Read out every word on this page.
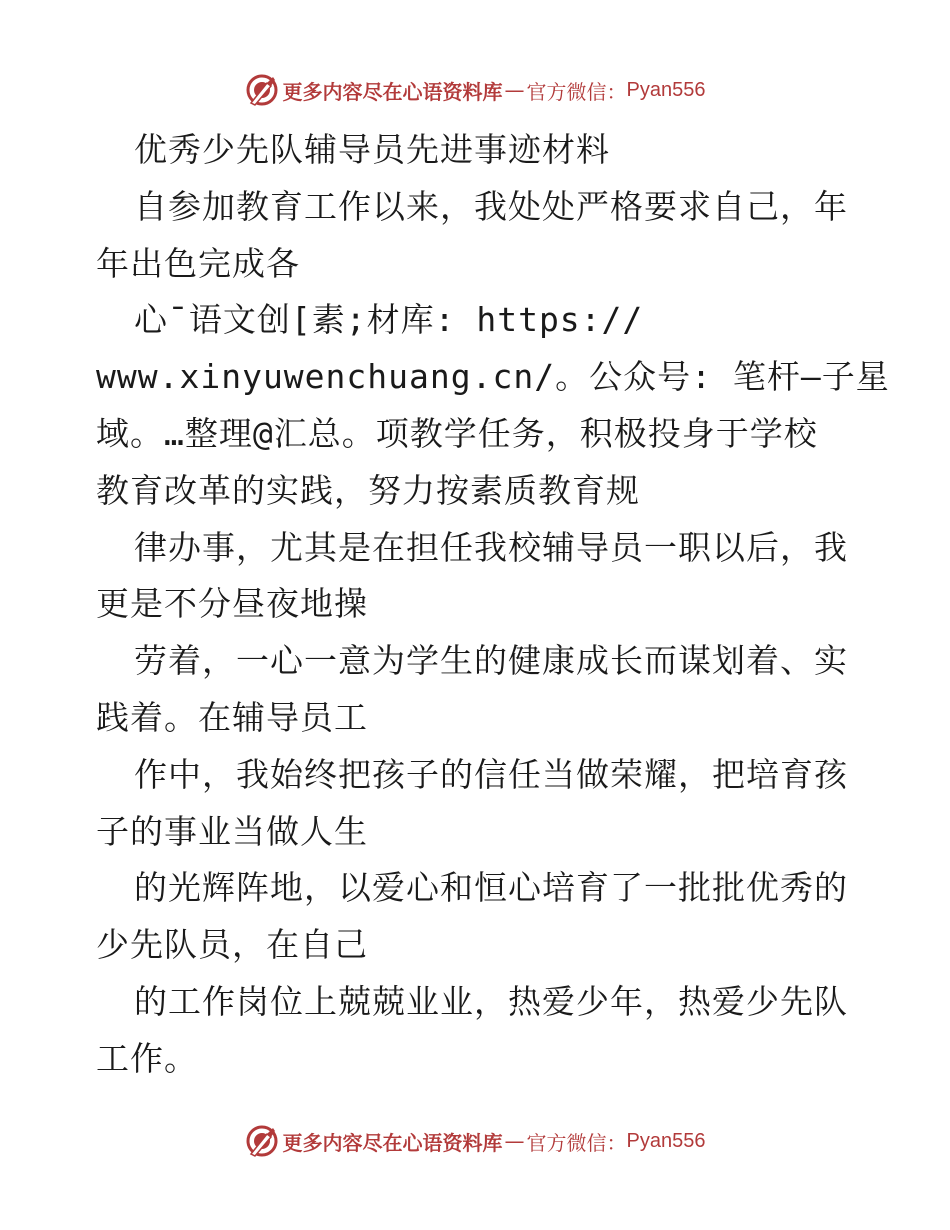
更多内容尽在心语资料库 — 官方微信： Pyan556
优秀少先队辅导员先进事迹材料
自参加教育工作以来，我处处严格要求自己，年
年出色完成各
心¯语文创[素;材库: https://
www.xinyuwenchuang.cn/。公众号: 笔杆—子星
域。…整理@汇总。项教学任务，积极投身于学校
教育改革的实践，努力按素质教育规
律办事，尤其是在担任我校辅导员一职以后，我
更是不分昼夜地操
劳着，一心一意为学生的健康成长而谋划着、实
践着。在辅导员工
作中，我始终把孩子的信任当做荣耀，把培育孩
子的事业当做人生
的光辉阵地，以爱心和恒心培育了一批批优秀的
少先队员，在自己
的工作岗位上兢兢业业，热爱少年，热爱少先队
工作。
更多内容尽在心语资料库 — 官方微信： Pyan556
